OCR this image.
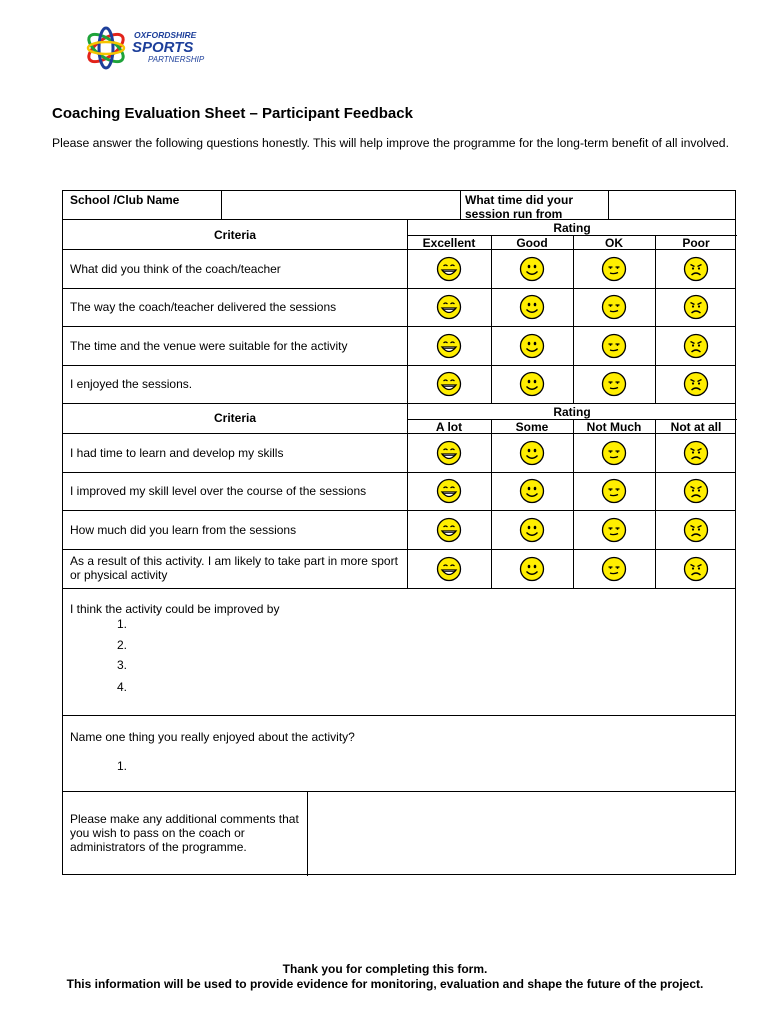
OXFORDSHIRE
SPORTS
PARTNERSHIP
Coaching Evaluation Sheet – Participant Feedback

Please answer the following questions honestly. This will help improve the programme for the long-term benefit of all involved.

School /Club Name	What time did your session run from
Criteria	Rating
Excellent	Good	OK	Poor
What did you think of the coach/teacher
The way the coach/teacher delivered the sessions
The time and the venue were suitable for the activity
I enjoyed the sessions.
Criteria	Rating
A lot	Some	Not Much	Not at all
I had time to learn and develop my skills
I improved my skill level over the course of the sessions
How much did you learn from the sessions
As a result of this activity. I am likely to take part in more sport or physical activity
I think the activity could be improved by
1.
2.
3.
4.
Name one thing you really enjoyed about the activity?
1.
Please make any additional comments that you wish to pass on the coach or administrators of the programme.
Thank you for completing this form.
This information will be used to provide evidence for monitoring, evaluation and shape the future of the project.
